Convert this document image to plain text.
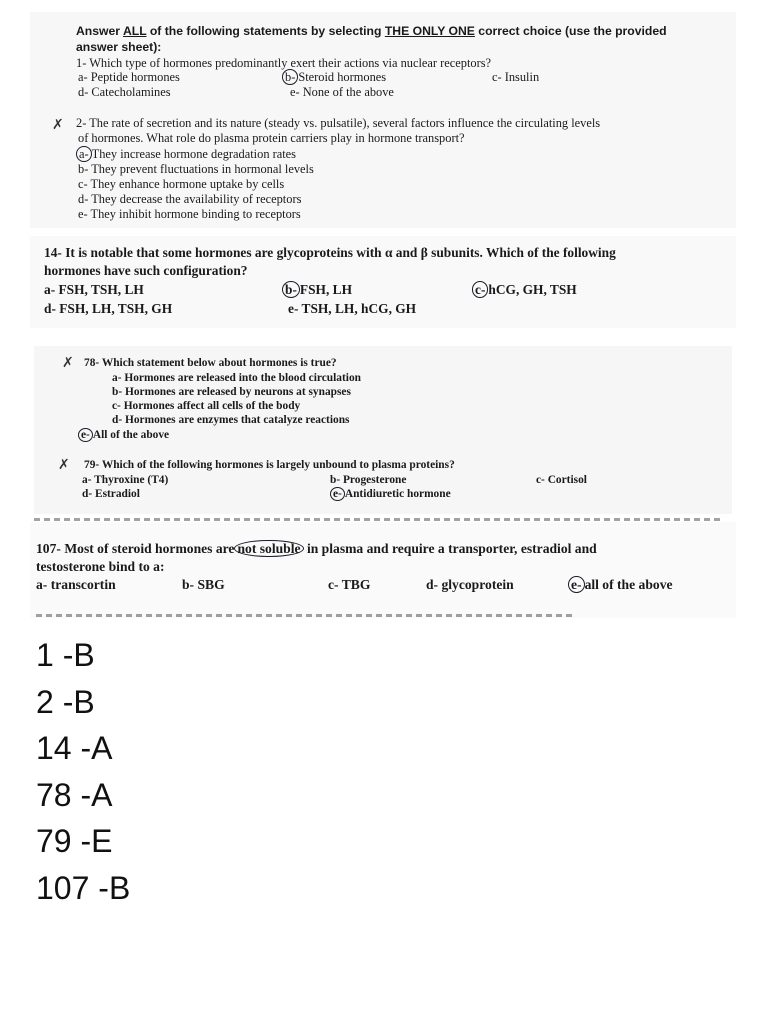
Answer ALL of the following statements by selecting THE ONLY ONE correct choice (use the provided
answer sheet):
1- Which type of hormones predominantly exert their actions via nuclear receptors?
a- Peptide hormones	b- Steroid hormones	c- Insulin
d- Catecholamines	e- None of the above
✗ 2- The rate of secretion and its nature (steady vs. pulsatile), several factors influence the circulating levels
of hormones. What role do plasma protein carriers play in hormone transport?
a- They increase hormone degradation rates
b- They prevent fluctuations in hormonal levels
c- They enhance hormone uptake by cells
d- They decrease the availability of receptors
e- They inhibit hormone binding to receptors
14- It is notable that some hormones are glycoproteins with α and β subunits. Which of the following
hormones have such configuration?
a- FSH, TSH, LH	b- FSH, LH	c- hCG, GH, TSH
d- FSH, LH, TSH, GH	e- TSH, LH, hCG, GH
✗ 78- Which statement below about hormones is true?
a- Hormones are released into the blood circulation
b- Hormones are released by neurons at synapses
c- Hormones affect all cells of the body
d- Hormones are enzymes that catalyze reactions
e- All of the above
✗ 79- Which of the following hormones is largely unbound to plasma proteins?
a- Thyroxine (T4)	b- Progesterone	c- Cortisol
d- Estradiol	e- Antidiuretic hormone
107- Most of steroid hormones are not soluble in plasma and require a transporter, estradiol and
testosterone bind to a:
a- transcortin	b- SBG	c- TBG	d- glycoprotein	e- all of the above
1 -B
2 -B
14 -A
78 -A
79 -E
107 -B
